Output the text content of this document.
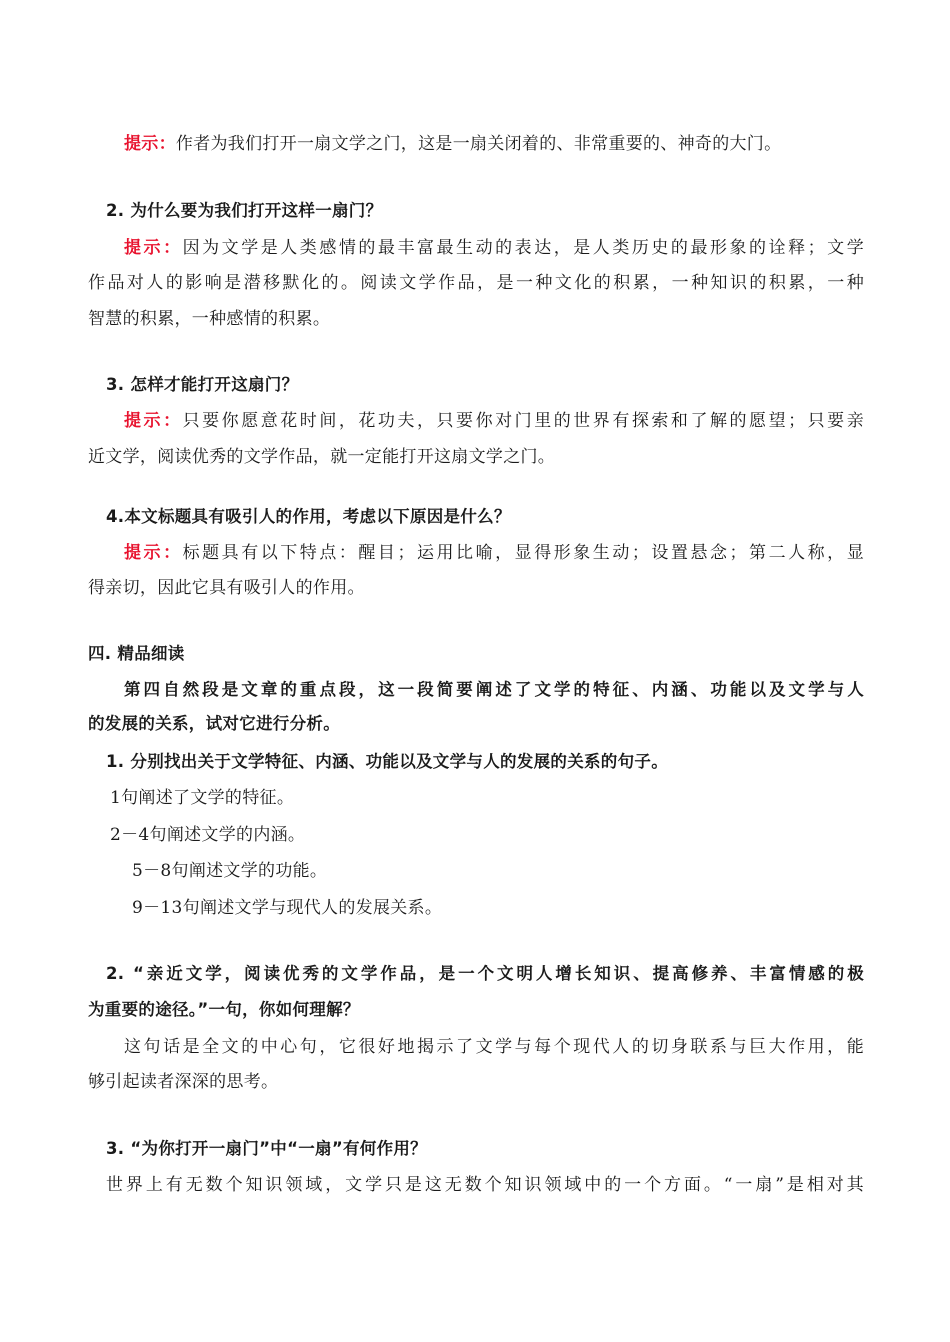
提示：作者为我们打开一扇文学之门，这是一扇关闭着的、非常重要的、神奇的大门。
2. 为什么要为我们打开这样一扇门？
提示：因为文学是人类感情的最丰富最生动的表达，是人类历史的最形象的诠释；文学
作品对人的影响是潜移默化的。阅读文学作品，是一种文化的积累，一种知识的积累，一种
智慧的积累，一种感情的积累。
3. 怎样才能打开这扇门？
提示：只要你愿意花时间，花功夫，只要你对门里的世界有探索和了解的愿望；只要亲
近文学，阅读优秀的文学作品，就一定能打开这扇文学之门。
4.本文标题具有吸引人的作用，考虑以下原因是什么？
提示：标题具有以下特点：醒目；运用比喻，显得形象生动；设置悬念；第二人称，显
得亲切，因此它具有吸引人的作用。
四. 精品细读
第四自然段是文章的重点段，这一段简要阐述了文学的特征、内涵、功能以及文学与人
的发展的关系，试对它进行分析。
1. 分别找出关于文学特征、内涵、功能以及文学与人的发展的关系的句子。
1句阐述了文学的特征。
2－4句阐述文学的内涵。
5－8句阐述文学的功能。
9－13句阐述文学与现代人的发展关系。
2. “亲近文学，阅读优秀的文学作品，是一个文明人增长知识、提高修养、丰富情感的极
为重要的途径。”一句，你如何理解？
这句话是全文的中心句，它很好地揭示了文学与每个现代人的切身联系与巨大作用，能
够引起读者深深的思考。
3. “为你打开一扇门”中“一扇”有何作用？
世界上有无数个知识领域，文学只是这无数个知识领域中的一个方面。“一扇”是相对其
